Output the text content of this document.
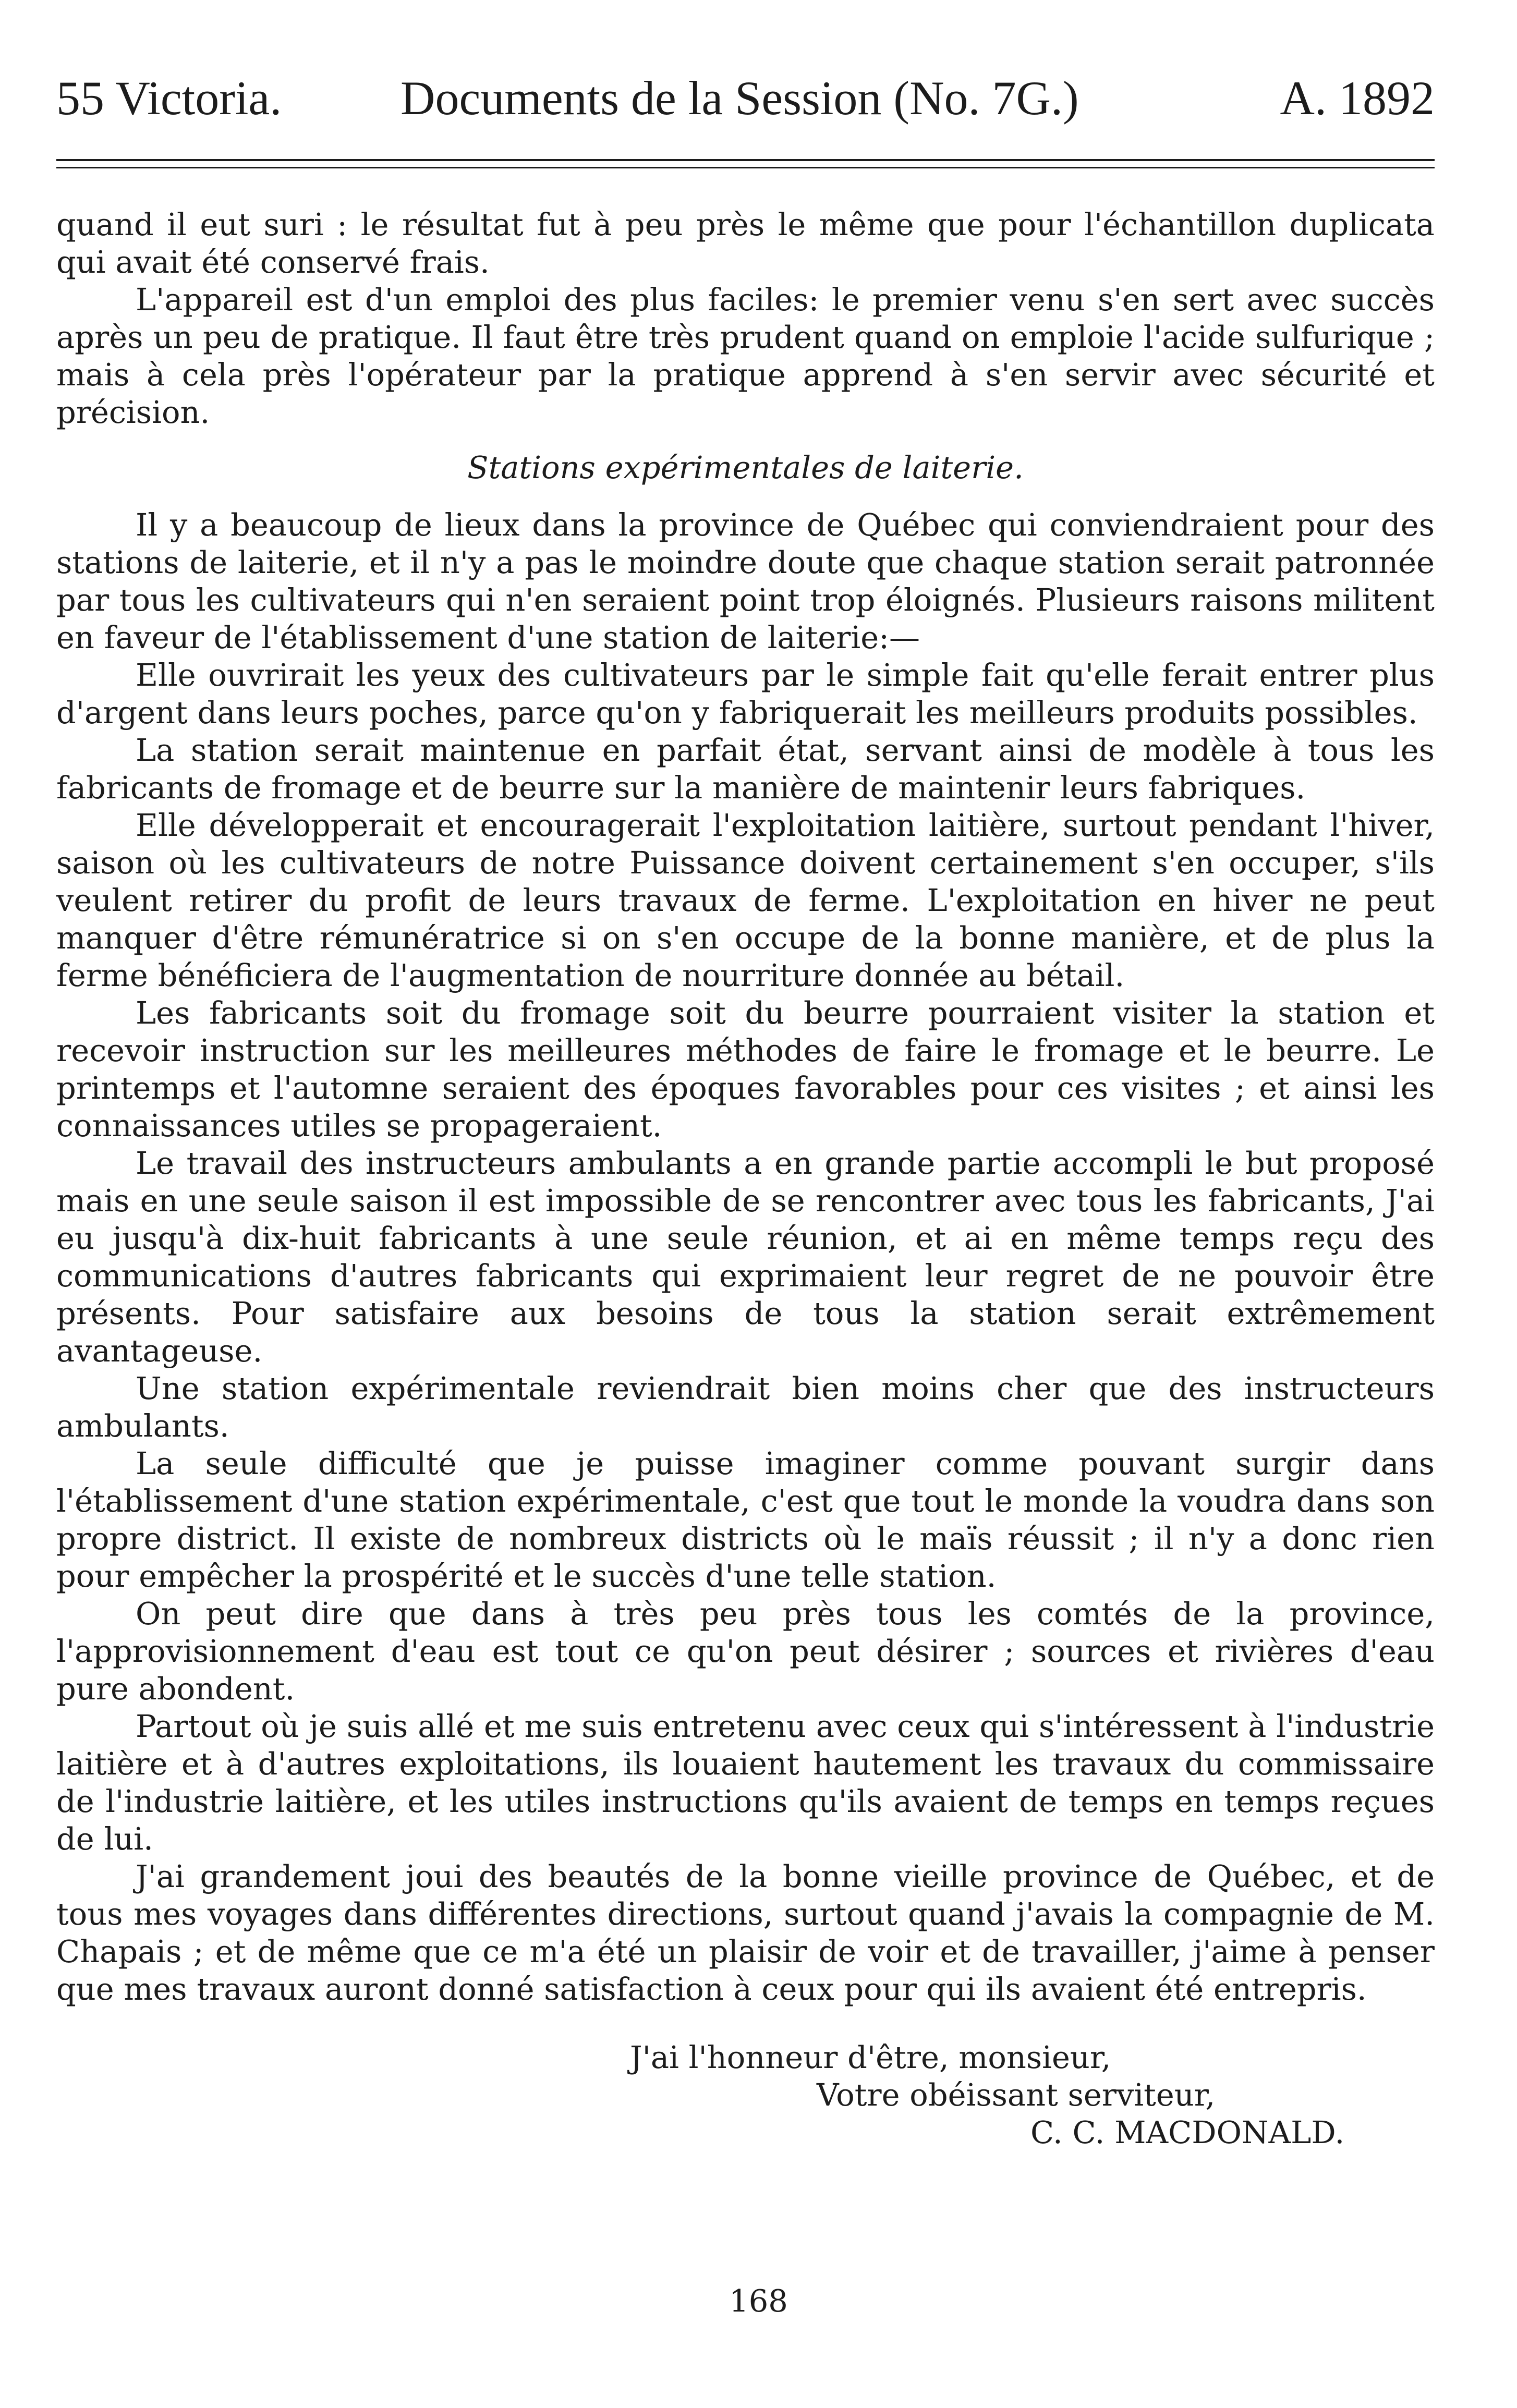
55 Victoria. Documents de la Session (No. 7G.)	A. 1892

quand il eut suri : le résultat fut à peu près le même que pour l'échantillon duplicata qui avait été conservé frais.

L'appareil est d'un emploi des plus faciles: le premier venu s'en sert avec succès après un peu de pratique. Il faut être très prudent quand on emploie l'acide sulfurique ; mais à cela près l'opérateur par la pratique apprend à s'en servir avec sécurité et précision.

Stations expérimentales de laiterie.

Il y a beaucoup de lieux dans la province de Québec qui conviendraient pour des stations de laiterie, et il n'y a pas le moindre doute que chaque station serait patronnée par tous les cultivateurs qui n'en seraient point trop éloignés. Plusieurs raisons militent en faveur de l'établissement d'une station de laiterie:—

Elle ouvrirait les yeux des cultivateurs par le simple fait qu'elle ferait entrer plus d'argent dans leurs poches, parce qu'on y fabriquerait les meilleurs produits possibles.

La station serait maintenue en parfait état, servant ainsi de modèle à tous les fabricants de fromage et de beurre sur la manière de maintenir leurs fabriques.

Elle développerait et encouragerait l'exploitation laitière, surtout pendant l'hiver, saison où les cultivateurs de notre Puissance doivent certainement s'en occuper, s'ils veulent retirer du profit de leurs travaux de ferme. L'exploitation en hiver ne peut manquer d'être rémunératrice si on s'en occupe de la bonne manière, et de plus la ferme bénéficiera de l'augmentation de nourriture donnée au bétail.

Les fabricants soit du fromage soit du beurre pourraient visiter la station et recevoir instruction sur les meilleures méthodes de faire le fromage et le beurre. Le printemps et l'automne seraient des époques favorables pour ces visites ; et ainsi les connaissances utiles se propageraient.

Le travail des instructeurs ambulants a en grande partie accompli le but proposé mais en une seule saison il est impossible de se rencontrer avec tous les fabricants, J'ai eu jusqu'à dix-huit fabricants à une seule réunion, et ai en même temps reçu des communications d'autres fabricants qui exprimaient leur regret de ne pouvoir être présents. Pour satisfaire aux besoins de tous la station serait extrêmement avantageuse.

Une station expérimentale reviendrait bien moins cher que des instructeurs ambulants.

La seule difficulté que je puisse imaginer comme pouvant surgir dans l'établissement d'une station expérimentale, c'est que tout le monde la voudra dans son propre district. Il existe de nombreux districts où le maïs réussit ; il n'y a donc rien pour empêcher la prospérité et le succès d'une telle station.

On peut dire que dans à très peu près tous les comtés de la province, l'approvisionnement d'eau est tout ce qu'on peut désirer ; sources et rivières d'eau pure abondent.

Partout où je suis allé et me suis entretenu avec ceux qui s'intéressent à l'industrie laitière et à d'autres exploitations, ils louaient hautement les travaux du commissaire de l'industrie laitière, et les utiles instructions qu'ils avaient de temps en temps reçues de lui.

J'ai grandement joui des beautés de la bonne vieille province de Québec, et de tous mes voyages dans différentes directions, surtout quand j'avais la compagnie de M. Chapais ; et de même que ce m'a été un plaisir de voir et de travailler, j'aime à penser que mes travaux auront donné satisfaction à ceux pour qui ils avaient été entrepris.

J'ai l'honneur d'être, monsieur,
Votre obéissant serviteur,
C. C. MACDONALD.
168
